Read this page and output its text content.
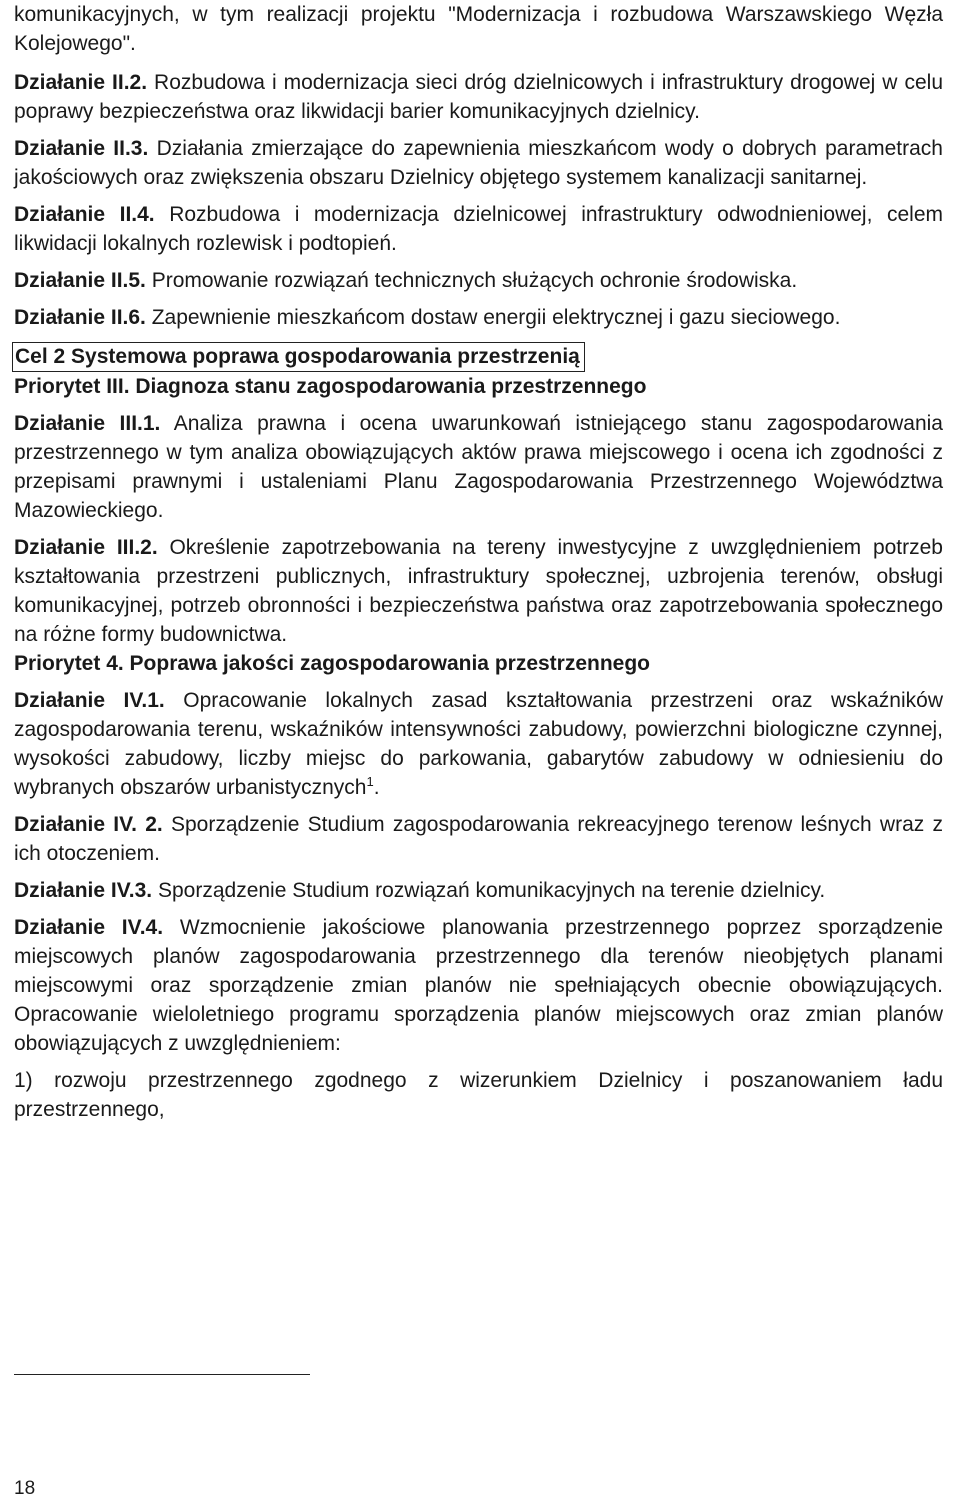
komunikacyjnych, w tym realizacji projektu "Modernizacja i rozbudowa Warszawskiego Węzła Kolejowego".

Działanie II.2. Rozbudowa i modernizacja sieci dróg dzielnicowych i infrastruktury drogowej w celu poprawy bezpieczeństwa oraz likwidacji barier komunikacyjnych dzielnicy.

Działanie II.3. Działania zmierzające do zapewnienia mieszkańcom wody o dobrych parametrach jakościowych oraz zwiększenia obszaru Dzielnicy objętego systemem kanalizacji sanitarnej.

Działanie II.4. Rozbudowa i modernizacja dzielnicowej infrastruktury odwodnieniowej, celem likwidacji lokalnych rozlewisk i podtopień.

Działanie II.5. Promowanie rozwiązań technicznych służących ochronie środowiska.

Działanie II.6. Zapewnienie mieszkańcom dostaw energii elektrycznej i gazu sieciowego.

Cel 2 Systemowa poprawa gospodarowania przestrzenią

Priorytet III. Diagnoza stanu zagospodarowania przestrzennego

Działanie III.1. Analiza prawna i ocena uwarunkowań istniejącego stanu zagospodarowania przestrzennego w tym analiza obowiązujących aktów prawa miejscowego i ocena ich zgodności z przepisami prawnymi i ustaleniami Planu Zagospodarowania Przestrzennego Województwa Mazowieckiego.

Działanie III.2. Określenie zapotrzebowania na tereny inwestycyjne z uwzględnieniem potrzeb kształtowania przestrzeni publicznych, infrastruktury społecznej, uzbrojenia terenów, obsługi komunikacyjnej, potrzeb obronności i bezpieczeństwa państwa oraz zapotrzebowania społecznego na różne formy budownictwa.

Priorytet 4. Poprawa jakości zagospodarowania przestrzennego

Działanie IV.1. Opracowanie lokalnych zasad kształtowania przestrzeni oraz wskaźników zagospodarowania terenu, wskaźników intensywności zabudowy, powierzchni biologiczne czynnej, wysokości zabudowy, liczby miejsc do parkowania, gabarytów zabudowy w odniesieniu do wybranych obszarów urbanistycznych$^1$.

Działanie IV. 2. Sporządzenie Studium zagospodarowania rekreacyjnego terenow leśnych wraz z ich otoczeniem.

Działanie IV.3. Sporządzenie Studium rozwiązań komunikacyjnych na terenie dzielnicy.

Działanie IV.4. Wzmocnienie jakościowe planowania przestrzennego poprzez sporządzenie miejscowych planów zagospodarowania przestrzennego dla terenów nieobjętych planami miejscowymi oraz sporządzenie zmian planów nie spełniających obecnie obowiązujących. Opracowanie wieloletniego programu sporządzenia planów miejscowych oraz zmian planów obowiązujących z uwzględnieniem:

1) rozwoju przestrzennego zgodnego z wizerunkiem Dzielnicy i poszanowaniem ładu przestrzennego,

18
